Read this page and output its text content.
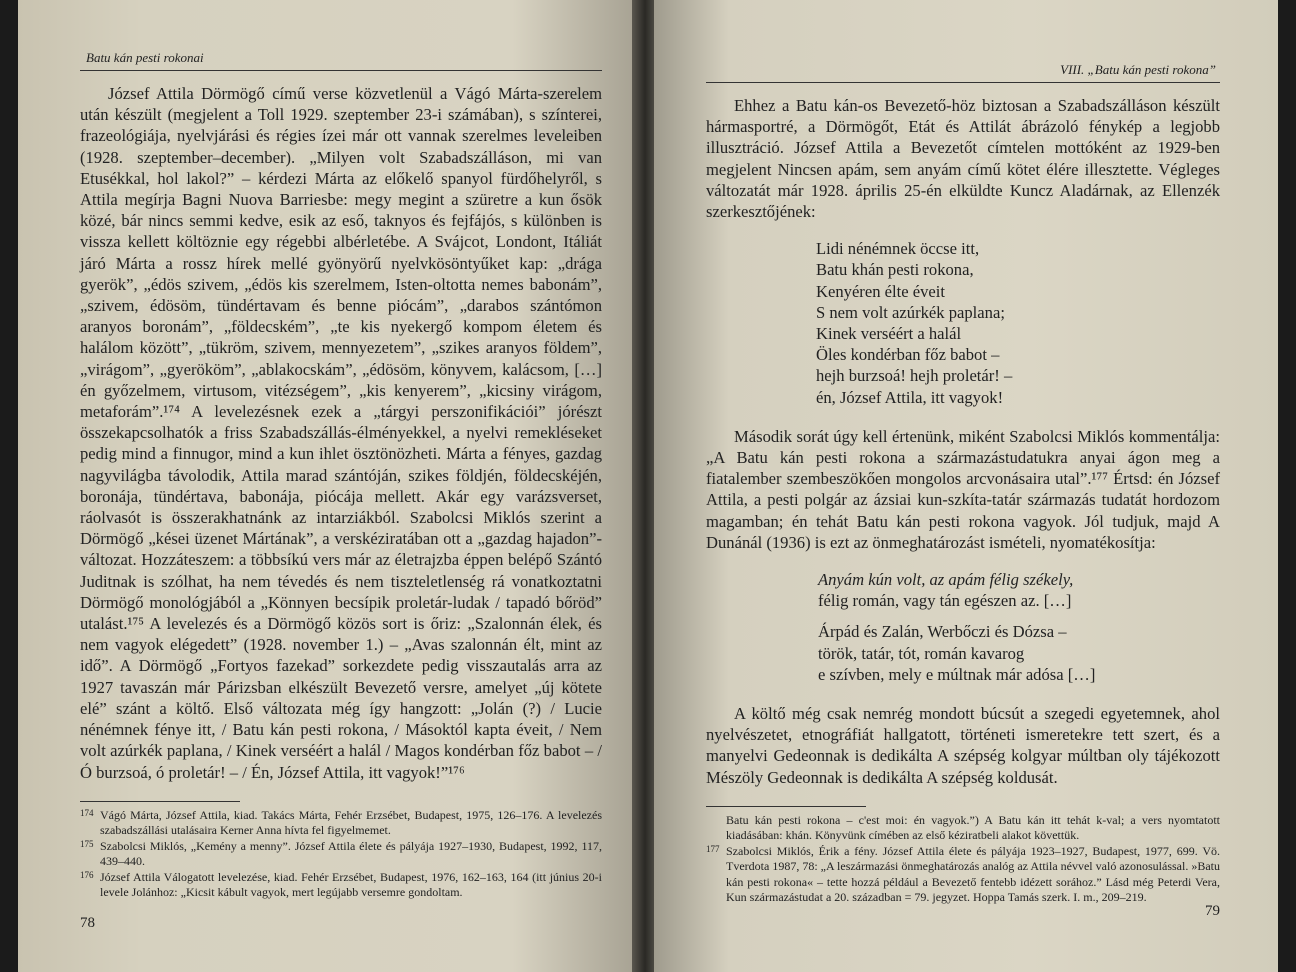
Batu kán pesti rokonai

József Attila Dörmögő című verse közvetlenül a Vágó Márta-szerelem után készült (megjelent a Toll 1929. szeptember 23-i számában), s színterei, frazeológiája, nyelvjárási és régies ízei már ott vannak szerelmes leveleiben (1928. szeptember–december). „Milyen volt Szabadszálláson, mi van Etusékkal, hol lakol?” – kérdezi Márta az előkelő spanyol fürdőhelyről, s Attila megírja Bagni Nuova Barriesbe: megy megint a szüretre a kun ősök közé, bár nincs semmi kedve, esik az eső, taknyos és fejfájós, s különben is vissza kellett költöznie egy régebbi albérletébe. A Svájcot, Londont, Itáliát járó Márta a rossz hírek mellé gyönyörű nyelvkösöntyűket kap: „drága gyerök”, „édös szivem, „édös kis szerelmem, Isten-oltotta nemes babonám”, „szivem, édösöm, tündértavam és benne piócám”, „darabos szántómon aranyos boronám”, „földecském”, „te kis nyekergő kompom életem és halálom között”, „tükröm, szivem, mennyezetem”, „szikes aranyos földem”, „virágom”, „gyerököm”, „ablakocskám”, „édösöm, könyvem, kalácsom, […] én győzelmem, virtusom, vitézségem”, „kis kenyerem”, „kicsiny virágom, metaforám”.¹⁷⁴ A levelezésnek ezek a „tárgyi perszonifikációi” jórészt összekapcsolhatók a friss Szabadszállás-élményekkel, a nyelvi remekléseket pedig mind a finnugor, mind a kun ihlet ösztönözheti. Márta a fényes, gazdag nagyvilágba távolodik, Attila marad szántóján, szikes földjén, földecskéjén, boronája, tündértava, babonája, piócája mellett. Akár egy varázsverset, ráolvasót is összerakhatnánk az intarziákból. Szabolcsi Miklós szerint a Dörmögő „kései üzenet Mártának”, a verskéziratában ott a „gazdag hajadon”-változat. Hozzáteszem: a többsíkú vers már az életrajzba éppen belépő Szántó Juditnak is szólhat, ha nem tévedés és nem tiszteletlenség rá vonatkoztatni Dörmögő monológjából a „Könnyen becsípik proletár-ludak / tapadó bőröd” utalást.¹⁷⁵ A levelezés és a Dörmögő közös sort is őriz: „Szalonnán élek, és nem vagyok elégedett” (1928. november 1.) – „Avas szalonnán élt, mint az idő”. A Dörmögő „Fortyos fazekad” sorkezdete pedig visszautalás arra az 1927 tavaszán már Párizsban elkészült Bevezető versre, amelyet „új kötete elé” szánt a költő. Első változata még így hangzott: „Jolán (?) / Lucie nénémnek fénye itt, / Batu kán pesti rokona, / Másoktól kapta éveit, / Nem volt azúrkék paplana, / Kinek verséért a halál / Magos kondérban főz babot – / Ó burzsoá, ó proletár! – / Én, József Attila, itt vagyok!”¹⁷⁶

174 Vágó Márta, József Attila, kiad. Takács Márta, Fehér Erzsébet, Budapest, 1975, 126–176. A levelezés szabadszállási utalásaira Kerner Anna hívta fel figyelmemet.
175 Szabolcsi Miklós, „Kemény a menny”. József Attila élete és pályája 1927–1930, Budapest, 1992, 117, 439–440.
176 József Attila Válogatott levelezése, kiad. Fehér Erzsébet, Budapest, 1976, 162–163, 164 (itt június 20-i levele Jolánhoz: „Kicsit kábult vagyok, mert legújabb versemre gondoltam.
78
VIII. „Batu kán pesti rokona”

Ehhez a Batu kán-os Bevezető-höz biztosan a Szabadszálláson készült hármasportré, a Dörmögőt, Etát és Attilát ábrázoló fénykép a legjobb illusztráció. József Attila a Bevezetőt címtelen mottóként az 1929-ben megjelent Nincsen apám, sem anyám című kötet élére illesztette. Végleges változatát már 1928. április 25-én elküldte Kuncz Aladárnak, az Ellenzék szerkesztőjének:

Lidi nénémnek öccse itt,
Batu khán pesti rokona,
Kenyéren élte éveit
S nem volt azúrkék paplana;
Kinek verséért a halál
Öles kondérban főz babot –
hejh burzsoá! hejh proletár! –
én, József Attila, itt vagyok!

Második sorát úgy kell értenünk, miként Szabolcsi Miklós kommentálja: „A Batu kán pesti rokona a származástudatukra anyai ágon meg a fiatalember szembeszökően mongolos arcvonásaira utal”.¹⁷⁷ Értsd: én József Attila, a pesti polgár az ázsiai kun-szkíta-tatár származás tudatát hordozom magamban; én tehát Batu kán pesti rokona vagyok. Jól tudjuk, majd A Dunánál (1936) is ezt az önmeghatározást ismételi, nyomatékosítja:

Anyám kún volt, az apám félig székely,
félig román, vagy tán egészen az. […]
Árpád és Zalán, Werbőczi és Dózsa –
török, tatár, tót, román kavarog
e szívben, mely e múltnak már adósa […]

A költő még csak nemrég mondott búcsút a szegedi egyetemnek, ahol nyelvészetet, etnográfiát hallgatott, történeti ismeretekre tett szert, és a manyelvi Gedeonnak is dedikálta A szépség kolgyar múltban oly tájékozott Mészöly Gedeonnak is dedikálta A szépség koldusát.

Batu kán pesti rokona – c'est moi: én vagyok.”) A Batu kán itt tehát k-val; a vers nyomtatott kiadásában: khán. Könyvünk címében az első kéziratbeli alakot követtük.
177 Szabolcsi Miklós, Érik a fény. József Attila élete és pályája 1923–1927, Budapest, 1977, 699. Vö. Tverdota 1987, 78: „A leszármazási önmeghatározás analóg az Attila névvel való azonosulással. »Batu kán pesti rokona« – tette hozzá például a Bevezető fentebb idézett sorához.” Lásd még Peterdi Vera, Kun származástudat a 20. században = 79. jegyzet. Hoppa Tamás szerk. I. m., 209–219.
79
